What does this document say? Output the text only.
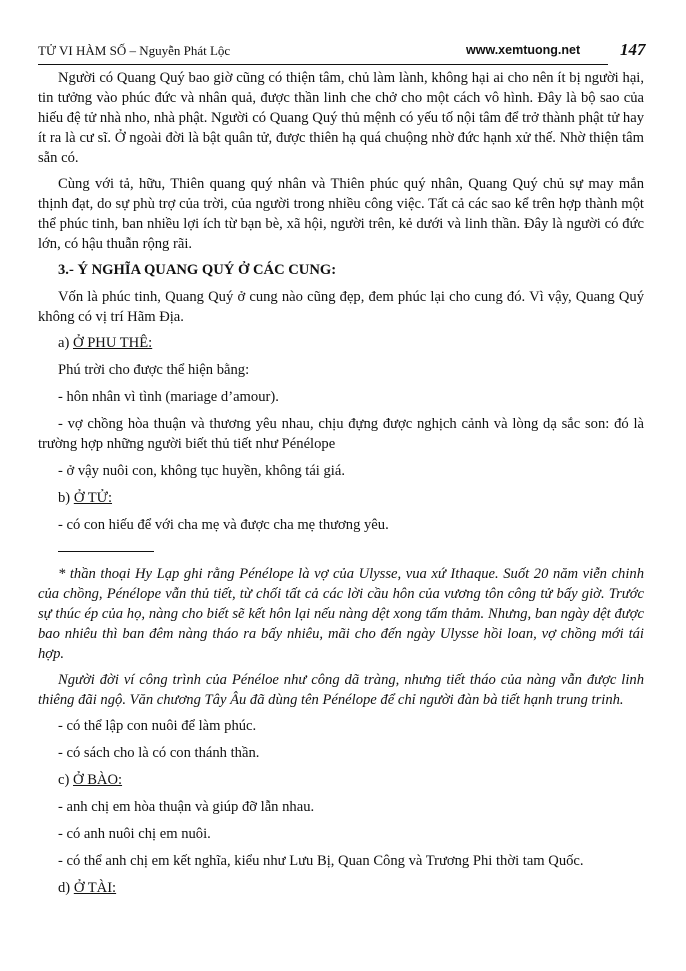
TỬ VI HÀM SỐ – Nguyễn Phát Lộc	www.xemtuong.net 147

Người có Quang Quý bao giờ cũng có thiện tâm, chủ làm lành, không hại ai cho nên ít bị người hại, tin tưởng vào phúc đức và nhân quả, được thần linh che chở cho một cách vô hình. Đây là bộ sao của hiếu đệ tử nhà nho, nhà phật. Người có Quang Quý thủ mệnh có yếu tố nội tâm để trở thành phật tử hay ít ra là cư sĩ. Ở ngoài đời là bật quân tử, được thiên hạ quá chuộng nhờ đức hạnh xử thế. Nhờ thiện tâm sẵn có.

Cùng với tả, hữu, Thiên quang quý nhân và Thiên phúc quý nhân, Quang Quý chủ sự may mắn thịnh đạt, do sự phù trợ của trời, của người trong nhiều công việc. Tất cả các sao kể trên hợp thành một thể phúc tinh, ban nhiều lợi ích từ bạn bè, xã hội, người trên, kẻ dưới và linh thần. Đây là người có đức lớn, có hậu thuẫn rộng rãi.

3.- Ý NGHĨA QUANG QUÝ Ở CÁC CUNG:

Vốn là phúc tinh, Quang Quý ở cung nào cũng đẹp, đem phúc lại cho cung đó. Vì vậy, Quang Quý không có vị trí Hãm Địa.

a) Ở PHU THÊ:

Phú trời cho được thể hiện bằng:

- hôn nhân vì tình (mariage d’amour).

- vợ chồng hòa thuận và thương yêu nhau, chịu đựng được nghịch cảnh và lòng dạ sắc son: đó là trường hợp những người biết thủ tiết như Pénélope

- ở vậy nuôi con, không tục huyền, không tái giá.

b) Ở TỬ:

- có con hiếu để với cha mẹ và được cha mẹ thương yêu.

* thần thoại Hy Lạp ghi rằng Pénélope là vợ của Ulysse, vua xứ Ithaque. Suốt 20 năm viễn chinh của chồng, Pénélope vẫn thủ tiết, từ chối tất cả các lời cầu hôn của vương tôn công tử bấy giờ. Trước sự thúc ép của họ, nàng cho biết sẽ kết hôn lại nếu nàng dệt xong tấm thảm. Nhưng, ban ngày dệt được bao nhiêu thì ban đêm nàng tháo ra bấy nhiêu, mãi cho đến ngày Ulysse hồi loan, vợ chồng mới tái hợp.

Người đời ví công trình của Pénéloe như công dã tràng, nhưng tiết tháo của nàng vẫn được linh thiêng đãi ngộ. Văn chương Tây Âu đã dùng tên Pénélope để chỉ người đàn bà tiết hạnh trung trinh.

- có thể lập con nuôi để làm phúc.

- có sách cho là có con thánh thần.

c) Ở BÀO:

- anh chị em hòa thuận và giúp đỡ lẫn nhau.

- có anh nuôi chị em nuôi.

- có thể anh chị em kết nghĩa, kiểu như Lưu Bị, Quan Công và Trương Phi thời tam Quốc.

d) Ở TÀI:
